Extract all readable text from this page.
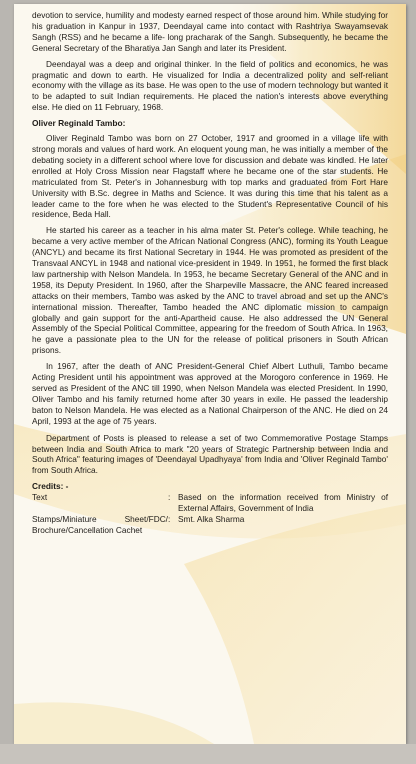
devotion to service, humility and modesty earned respect of those around him. While studying for his graduation in Kanpur in 1937, Deendayal came into contact with Rashtriya Swayamsevak Sangh (RSS) and he became a life- long pracharak of the Sangh. Subsequently, he became the General Secretary of the Bharatiya Jan Sangh and later its President.

Deendayal was a deep and original thinker. In the field of politics and economics, he was pragmatic and down to earth. He visualized for India a decentralized polity and self-reliant economy with the village as its base. He was open to the use of modern technology but wanted it to be adapted to suit Indian requirements. He placed the nation's interests above everything else. He died on 11 February, 1968.

Oliver Reginald Tambo:

Oliver Reginald Tambo was born on 27 October, 1917 and groomed in a village life with strong morals and values of hard work. An eloquent young man, he was initially a member of the debating society in a different school where love for discussion and debate was kindled. He later enrolled at Holy Cross Mission near Flagstaff where he became one of the star students. He matriculated from St. Peter's in Johannesburg with top marks and graduated from Fort Hare University with B.Sc. degree in Maths and Science. It was during this time that his talent as a leader came to the fore when he was elected to the Student's Representative Council of his residence, Beda Hall.

He started his career as a teacher in his alma mater St. Peter's college. While teaching, he became a very active member of the African National Congress (ANC), forming its Youth League (ANCYL) and became its first National Secretary in 1944. He was promoted as president of the Transvaal ANCYL in 1948 and national vice-president in 1949. In 1951, he formed the first black law partnership with Nelson Mandela. In 1953, he became Secretary General of the ANC and in 1958, its Deputy President. In 1960, after the Sharpeville Massacre, the ANC feared increased attacks on their members, Tambo was asked by the ANC to travel abroad and set up the ANC's international mission. Thereafter, Tambo headed the ANC diplomatic mission to campaign globally and gain support for the anti-Apartheid cause. He also addressed the UN General Assembly of the Special Political Committee, appearing for the freedom of South Africa. In 1963, he gave a passionate plea to the UN for the release of political prisoners in South African prisons.

In 1967, after the death of ANC President-General Chief Albert Luthuli, Tambo became Acting President until his appointment was approved at the Morogoro conference in 1969. He served as President of the ANC till 1990, when Nelson Mandela was elected President. In 1990, Oliver Tambo and his family returned home after 30 years in exile. He passed the leadership baton to Nelson Mandela. He was elected as a National Chairperson of the ANC. He died on 24 April, 1993 at the age of 75 years.

Department of Posts is pleased to release a set of two Commemorative Postage Stamps between India and South Africa to mark "20 years of Strategic Partnership between India and South Africa" featuring images of 'Deendayal Upadhyaya' from India and 'Oliver Reginald Tambo' from South Africa.

Credits: -
Text	:	Based on the information received from Ministry of External Affairs, Government of India
Stamps/Miniature Sheet/FDC/ Brochure/Cancellation Cachet	:	Smt. Alka Sharma
